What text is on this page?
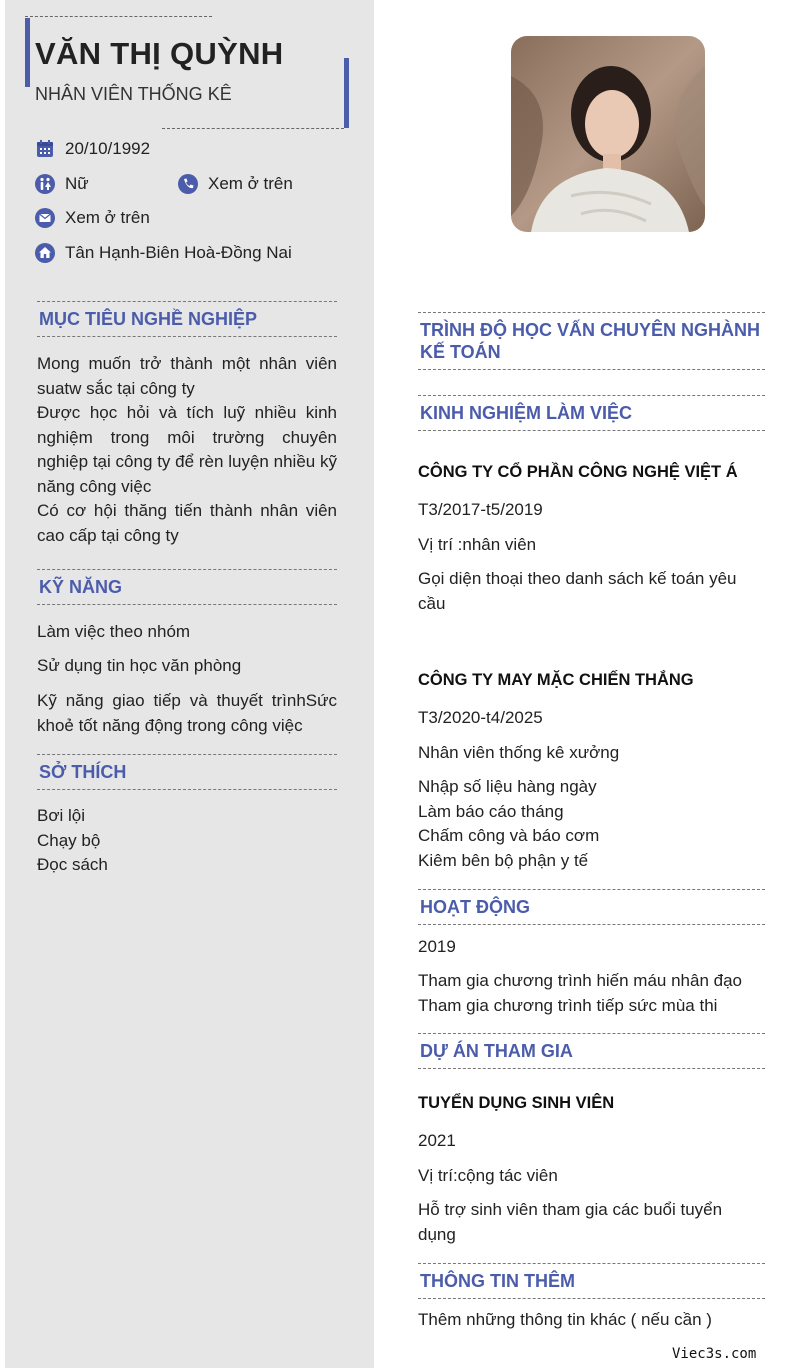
VĂN THỊ QUỲNH
NHÂN VIÊN THỐNG KÊ
20/10/1992
Nữ	Xem ở trên
Xem ở trên
Tân Hạnh-Biên Hoà-Đồng Nai
MỤC TIÊU NGHỀ NGHIỆP
Mong muốn trở thành một nhân viên suatw sắc tại công ty
Được học hỏi và tích luỹ nhiều kinh nghiệm trong môi trường chuyên nghiệp tại công ty để rèn luyện nhiều kỹ năng công việc
Có cơ hội thăng tiến thành nhân viên cao cấp tại công ty
KỸ NĂNG
Làm việc theo nhóm
Sử dụng tin học văn phòng
Kỹ năng giao tiếp và thuyết trìnhSức khoẻ tốt năng động trong công việc
SỞ THÍCH
Bơi lội
Chạy bộ
Đọc sách
TRÌNH ĐỘ HỌC VẤN CHUYÊN NGHÀNH KẾ TOÁN
KINH NGHIỆM LÀM VIỆC
CÔNG TY CỔ PHẦN CÔNG NGHỆ VIỆT Á
T3/2017-t5/2019
Vị trí :nhân viên
Gọi diện thoại theo danh sách kế toán yêu cầu
CÔNG TY MAY MẶC CHIẾN THẮNG
T3/2020-t4/2025
Nhân viên thống kê xưởng
Nhập số liệu hàng ngày
Làm báo cáo tháng
Chấm công và báo cơm
Kiêm bên bộ phận y tế
HOẠT ĐỘNG
2019
Tham gia chương trình hiến máu nhân đạo
Tham gia chương trình tiếp sức mùa thi
DỰ ÁN THAM GIA
TUYỂN DỤNG SINH VIÊN
2021
Vị trí:cộng tác viên
Hỗ trợ sinh viên tham gia các buổi tuyển dụng
THÔNG TIN THÊM
Thêm những thông tin khác ( nếu cần )
Viec3s.com
